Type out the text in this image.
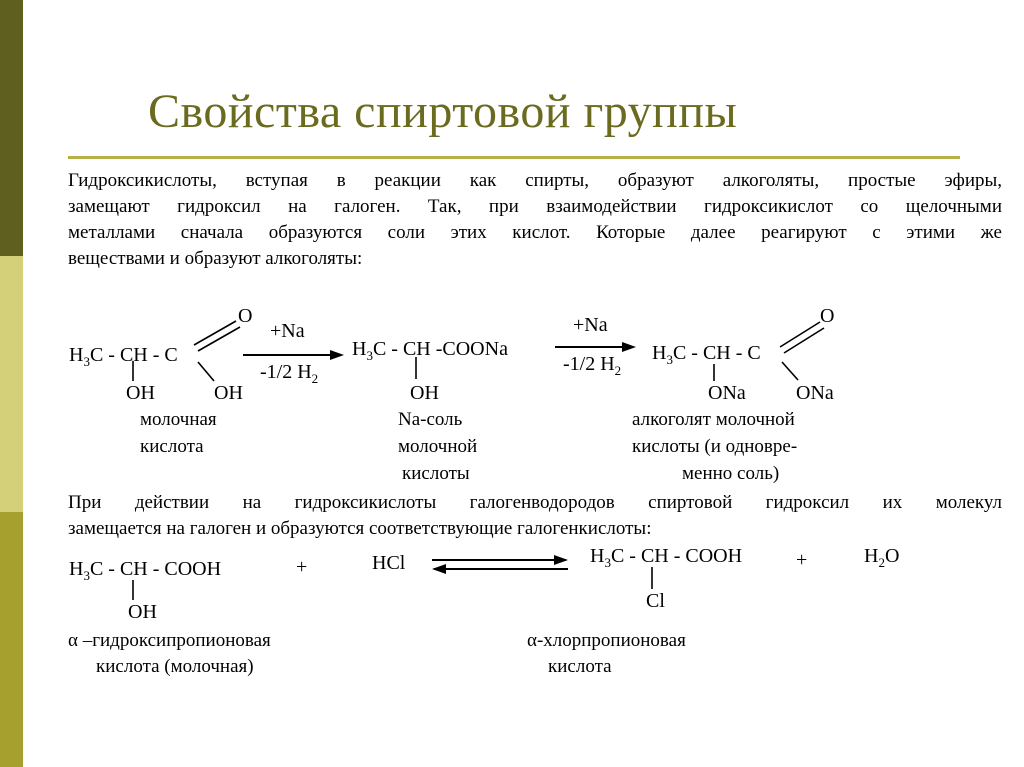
Свойства спиртовой группы
Гидроксикислоты, вступая в реакции как спирты, образуют алкоголяты, простые эфиры,
замещают гидроксил на галоген. Так, при взаимодействии гидроксикислот со щелочными
металлами сначала образуются соли этих кислот. Которые далее реагируют с этими же
веществами и образуют алкоголяты:
$H_3C$ - CH - C
O
OH	OH
молочная
кислота
+Na
-1/2 $H_2$
$H_3C$ - CH -COONa
OH
Na-соль
молочной
кислоты
+Na
-1/2 $H_2$
$H_3C$ - CH - C
O
ONa	ONa
алкоголят молочной
кислоты (и одновре-
менно соль)
При действии на гидроксикислоты галогенводородов спиртовой гидроксил их молекул
замещается на галоген и образуются соответствующие галогенкислоты:
$H_3C$ - CH - COOH
OH
+	HCl	$H_3C$ - CH - COOH
Cl
+	$H_2O$
α –гидроксипропионовая
кислота (молочная)
α-хлорпропионовая
кислота
